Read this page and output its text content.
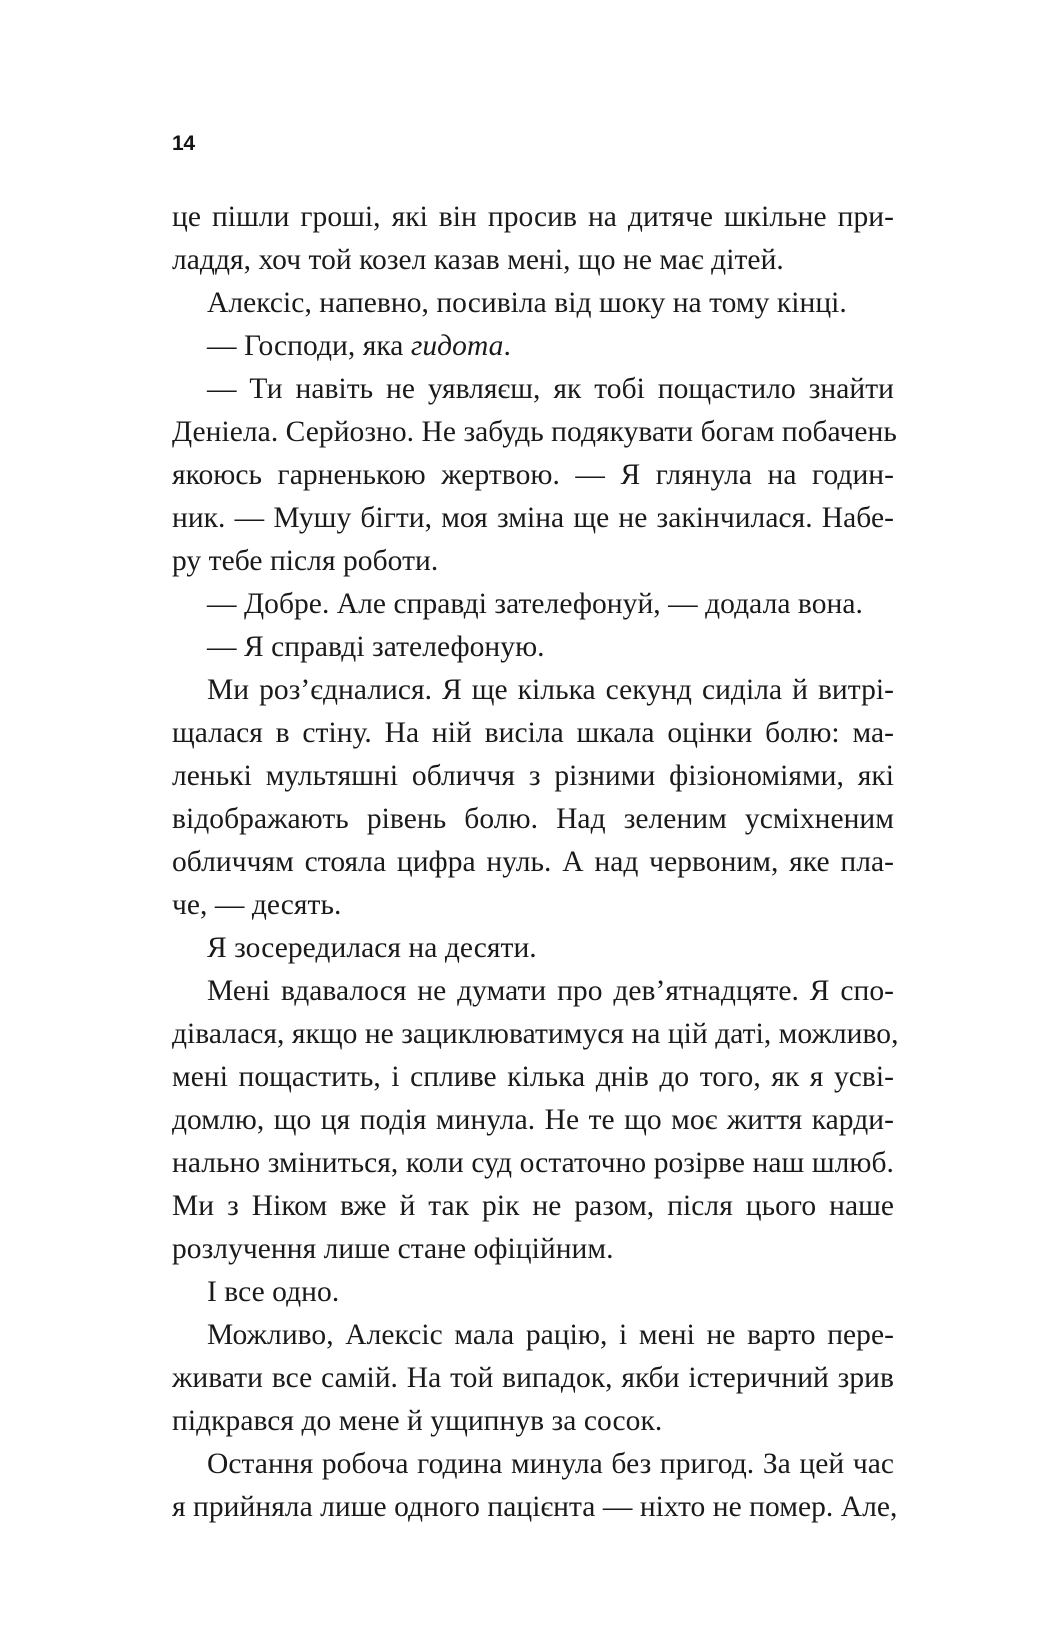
14
це пішли гроші, які він просив на дитяче шкільне при-
ладдя, хоч той козел казав мені, що не має дітей.
Алексіс, напевно, посивіла від шоку на тому кінці.
— Господи, яка гидота.
— Ти навіть не уявляєш, як тобі пощастило знайти
Деніела. Серйозно. Не забудь подякувати богам побачень
якоюсь гарненькою жертвою. — Я глянула на годин-
ник. — Мушу бігти, моя зміна ще не закінчилася. Набе-
ру тебе після роботи.
— Добре. Але справді зателефонуй, — додала вона.
— Я справді зателефоную.
Ми роз’єдналися. Я ще кілька секунд сиділа й витрі-
щалася в стіну. На ній висіла шкала оцінки болю: ма-
ленькі мультяшні обличчя з різними фізіономіями, які
відображають рівень болю. Над зеленим усміхненим
обличчям стояла цифра нуль. А над червоним, яке пла-
че, — десять.
Я зосередилася на десяти.
Мені вдавалося не думати про дев’ятнадцяте. Я спо-
дівалася, якщо не зациклюватимуся на цій даті, можливо,
мені пощастить, і спливе кілька днів до того, як я усві-
домлю, що ця подія минула. Не те що моє життя карди-
нально зміниться, коли суд остаточно розірве наш шлюб.
Ми з Ніком вже й так рік не разом, після цього наше
розлучення лише стане офіційним.
І все одно.
Можливо, Алексіс мала рацію, і мені не варто пере-
живати все самій. На той випадок, якби істеричний зрив
підкрався до мене й ущипнув за сосок.
Остання робоча година минула без пригод. За цей час
я прийняла лише одного пацієнта — ніхто не помер. Але,
